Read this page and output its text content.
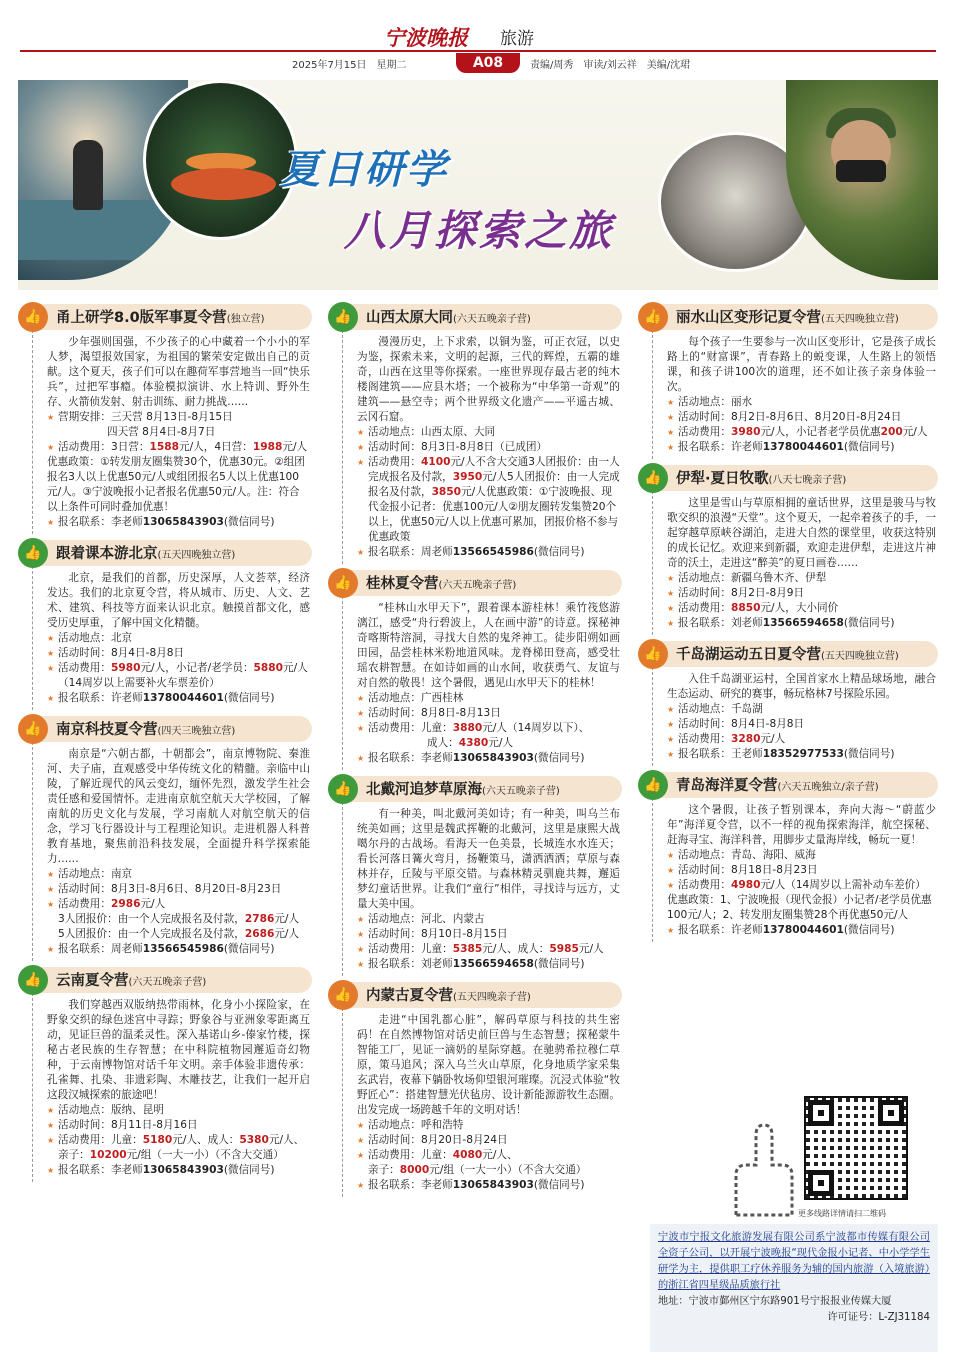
宁波晚报 旅游
2025年7月15日　星期二	A08	责编/周秀　审读/刘云祥　美编/沈珺
夏日研学
八月探索之旅
👍 甬上研学8.0版军事夏令营(独立营)

少年强则国强，不少孩子的心中藏着一个小小的军人梦，渴望报效国家，为祖国的繁荣安定做出自己的贡献。这个夏天，孩子们可以在趣荷军事营地当一回“快乐兵”，过把军事瘾。体验模拟演讲、水上特训、野外生存、火箭侦发射、射击训练、耐力挑战……

★ 营期安排：三天营 8月13日-8月15日
四天营 8月4日-8月7日
★ 活动费用：3日营：1588元/人，4日营：1988元/人
优惠政策：①转发朋友圈集赞30个，优惠30元。②组团报名3人以上优惠50元/人或组团报名5人以上优惠100元/人。③宁波晚报小记者报名优惠50元/人。注：符合以上条件可同时叠加优惠！
★ 报名联系：李老师13065843903(微信同号)
👍 跟着课本游北京(五天四晚独立营)

北京，是我们的首都，历史深厚，人文荟萃，经济发达。我们的北京夏令营，将从城市、历史、人文、艺术、建筑、科技等方面来认识北京。触摸首都文化，感受历史厚重，了解中国文化精髓。

★ 活动地点：北京
★ 活动时间：8月4日-8月8日
★ 活动费用：5980元/人，小记者/老学员：5880元/人
（14周岁以上需要补火车票差价）
★ 报名联系：许老师13780044601(微信同号)
👍 南京科技夏令营(四天三晚独立营)

南京是“六朝古都，十朝都会”，南京博物院、秦淮河、夫子庙，直观感受中华传统文化的精髓。亲临中山陵，了解近现代的风云变幻，缅怀先烈，激发学生社会责任感和爱国情怀。走进南京航空航天大学校园，了解南航的历史文化与发展，学习南航人对航空航天的信念，学习飞行器设计与工程理论知识。走进机器人科普教育基地，聚焦前沿科技发展，全面提升科学探索能力……

★ 活动地点：南京
★ 活动时间：8月3日-8月6日、8月20日-8月23日
★ 活动费用：2986元/人
3人团报价：由一个人完成报名及付款，2786元/人
5人团报价：由一个人完成报名及付款，2686元/人
★ 报名联系：周老师13566545986(微信同号)
👍 云南夏令营(六天五晚亲子营)

我们穿越西双版纳热带雨林，化身小小探险家，在野象交织的绿色迷宫中寻踪；野象谷与亚洲象零距离互动，见证巨兽的温柔灵性。深入基诺山乡-傣家竹楼，探秘古老民族的生存智慧；在中科院植物园邂逅奇幻物种，于云南博物馆对话千年文明。亲手体验非遗传承：孔雀舞、扎染、非遗彩陶、木雕技艺，让我们一起开启这段汉城探索的旅途吧！

★ 活动地点：版纳、昆明
★ 活动时间：8月11日-8月16日
★ 活动费用：儿童：5180元/人、成人：5380元/人、
亲子：10200元/组（一大一小）（不含大交通）
★ 报名联系：李老师13065843903(微信同号)
👍 山西太原大同(六天五晚亲子营)

漫漫历史，上下求索，以铜为鉴，可正衣冠，以史为鉴，探索未来，文明的起源，三代的辉煌，五霸的雄奇，山西在这里等你探索。一座世界现存最古老的纯木楼阁建筑——应县木塔；一个被称为“中华第一奇观”的建筑——悬空寺；两个世界级文化遗产——平遥古城、云冈石窟。

★ 活动地点：山西太原、大同
★ 活动时间：8月3日-8月8日（已成团）
★ 活动费用：4100元/人不含大交通3人团报价：由一人完成报名及付款，3950元/人5人团报价：由一人完成报名及付款，3850元/人优惠政策：①宁波晚报、现代金报小记者：优惠100元/人②朋友圈转发集赞20个以上，优惠50元/人以上优惠可累加，团报价格不参与优惠政策
★ 报名联系：周老师13566545986(微信同号)
👍 桂林夏令营(六天五晚亲子营)

“桂林山水甲天下”，跟着课本游桂林！乘竹筏悠游漓江，感受“舟行碧波上，人在画中游”的诗意。探秘神奇喀斯特溶洞，寻找大自然的鬼斧神工。徒步阳朔如画田园，品尝桂林米粉地道风味。龙脊梯田登高，感受壮瑶农耕智慧。在如诗如画的山水间，收获勇气、友谊与对自然的敬畏！这个暑假，遇见山水甲天下的桂林！

★ 活动地点：广西桂林
★ 活动时间：8月8日-8月13日
★ 活动费用：儿童：3880元/人（14周岁以下）、
成人：4380元/人
★ 报名联系：李老师13065843903(微信同号)
👍 北戴河追梦草原海(六天五晚亲子营)

有一种美，叫北戴河美如诗；有一种美，叫乌兰布统美如画；这里是魏武挥鞭的北戴河，这里是康熙大战噶尔丹的古战场。看海天一色美景，长城连水水连天；看长河落日篝火弯月，扬鞭策马，潇洒洒洒；草原与森林并存，丘陵与平原交错。与森林精灵驯鹿共舞，邂逅梦幻童话世界。让我们“童行”相伴，寻找诗与远方，丈量大美中国。

★ 活动地点：河北、内蒙古
★ 活动时间：8月10日-8月15日
★ 活动费用：儿童：5385元/人、成人：5985元/人
★ 报名联系：刘老师13566594658(微信同号)
👍 内蒙古夏令营(五天四晚亲子营)

走进“中国乳都心脏”，解码草原与科技的共生密码！在自然博物馆对话史前巨兽与生态智慧；探秘蒙牛智能工厂，见证一滴奶的星际穿越。在驰骋希拉穆仁草原，策马追风；深入乌兰火山草原，化身地质学家采集玄武岩，夜幕下躺卧牧场仰望银河璀璨。沉浸式体验“牧野匠心”：搭建智慧光伏毡房、设计新能源游牧生态圈。出发完成一场跨越千年的文明对话！

★ 活动地点：呼和浩特
★ 活动时间：8月20日-8月24日
★ 活动费用：儿童：4080元/人、
亲子：8000元/组（一大一小）（不含大交通）
★ 报名联系：李老师13065843903(微信同号)
👍 丽水山区变形记夏令营(五天四晚独立营)

每个孩子一生要参与一次山区变形计，它是孩子成长路上的“财富课”，青春路上的蜕变课，人生路上的领悟课，和孩子讲100次的道理，还不如让孩子亲身体验一次。

★ 活动地点：丽水
★ 活动时间：8月2日-8月6日、8月20日-8月24日
★ 活动费用：3980元/人，小记者老学员优惠200元/人
★ 报名联系：许老师13780044601(微信同号)
👍 伊犁·夏日牧歌(八天七晚亲子营)

这里是雪山与草原相拥的童话世界，这里是骏马与牧歌交织的浪漫“天堂”。这个夏天，一起牵着孩子的手，一起穿越草原峡谷湖泊，走进大自然的课堂里，收获这特别的成长记忆。欢迎来到新疆，欢迎走进伊犁，走进这片神奇的沃土，走进这“醉美”的夏日画卷……

★ 活动地点：新疆乌鲁木齐、伊犁
★ 活动时间：8月2日-8月9日
★ 活动费用：8850元/人，大小同价
★ 报名联系：刘老师13566594658(微信同号)
👍 千岛湖运动五日夏令营(五天四晚独立营)

入住千岛湖亚运村，全国首家水上精品球场地，融合生态运动、研究的赛事，畅玩格林7号探险乐园。

★ 活动地点：千岛湖
★ 活动时间：8月4日-8月8日
★ 活动费用：3280元/人
★ 报名联系：王老师18352977533(微信同号)
👍 青岛海洋夏令营(六天五晚独立/亲子营)

这个暑假，让孩子暂别课本，奔向大海～“蔚蓝少年”海洋夏令营，以不一样的视角探索海洋，航空探秘、赶海寻宝、海洋科普，用脚步丈量海岸线，畅玩一夏！

★ 活动地点：青岛、海阳、威海
★ 活动时间：8月18日-8月23日
★ 活动费用：4980元/人（14周岁以上需补动车差价）
优惠政策：1、宁波晚报（现代金报）小记者/老学员优惠100元/人；2、转发朋友圈集赞28个再优惠50元/人
★ 报名联系：许老师13780044601(微信同号)
更多线路详情请扫二维码
宁波市宁报文化旅游发展有限公司系宁波都市传媒有限公司全资子公司，以开展宁波晚报“现代金报小记者、中小学学生研学为主，提供职工疗休养服务为辅的国内旅游（入境旅游）的浙江省四星级品质旅行社
地址：宁波市鄞州区宁东路901号宁报报业传媒大厦
许可证号：L-ZJ31184
